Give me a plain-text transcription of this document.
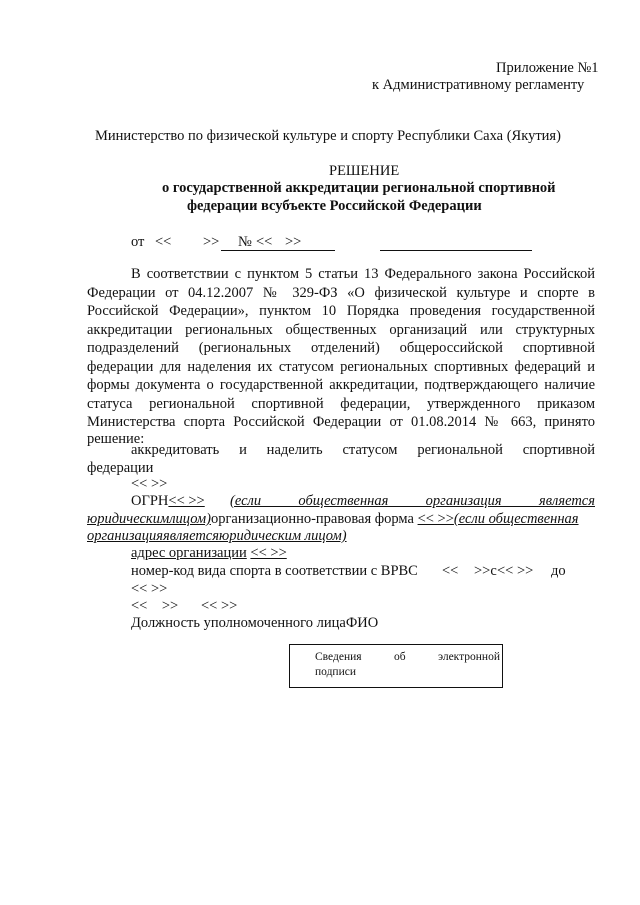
Приложение №1
к Административному регламенту
Министерство по физической культуре и спорту Республики Саха (Якутия)
РЕШЕНИЕ
о государственной аккредитации региональной спортивной
федерации всубъекте Российской Федерации
от << >> № << >>
В соответствии с пунктом 5 статьи 13 Федерального закона Российской
Федерации от 04.12.2007 № 329-ФЗ «О физической культуре и спорте в
Российской Федерации», пунктом 10 Порядка проведения государственной
аккредитации региональных общественных организаций или структурных
подразделений (региональных отделений) общероссийской спортивной
федерации для наделения их статусом региональных спортивных федераций и
формы документа о государственной аккредитации, подтверждающего наличие
статуса региональной спортивной федерации, утвержденного приказом
Министерства спорта Российской Федерации от 01.08.2014 № 663, принято
решение:
аккредитовать и наделить статусом региональной спортивной
федерации
<< >>
ОГРН<< >> (если общественная организация является
юридическимлицом)организационно-правовая форма << >>(если общественная
организацияявляетсяюридическим лицом)
адрес организации << >>
номер-код вида спорта в соответствии с ВРВС << >>с << >> до
<< >>
<<    >> << >>
Должность уполномоченного лицаФИО
Сведения об электронной
подписи
